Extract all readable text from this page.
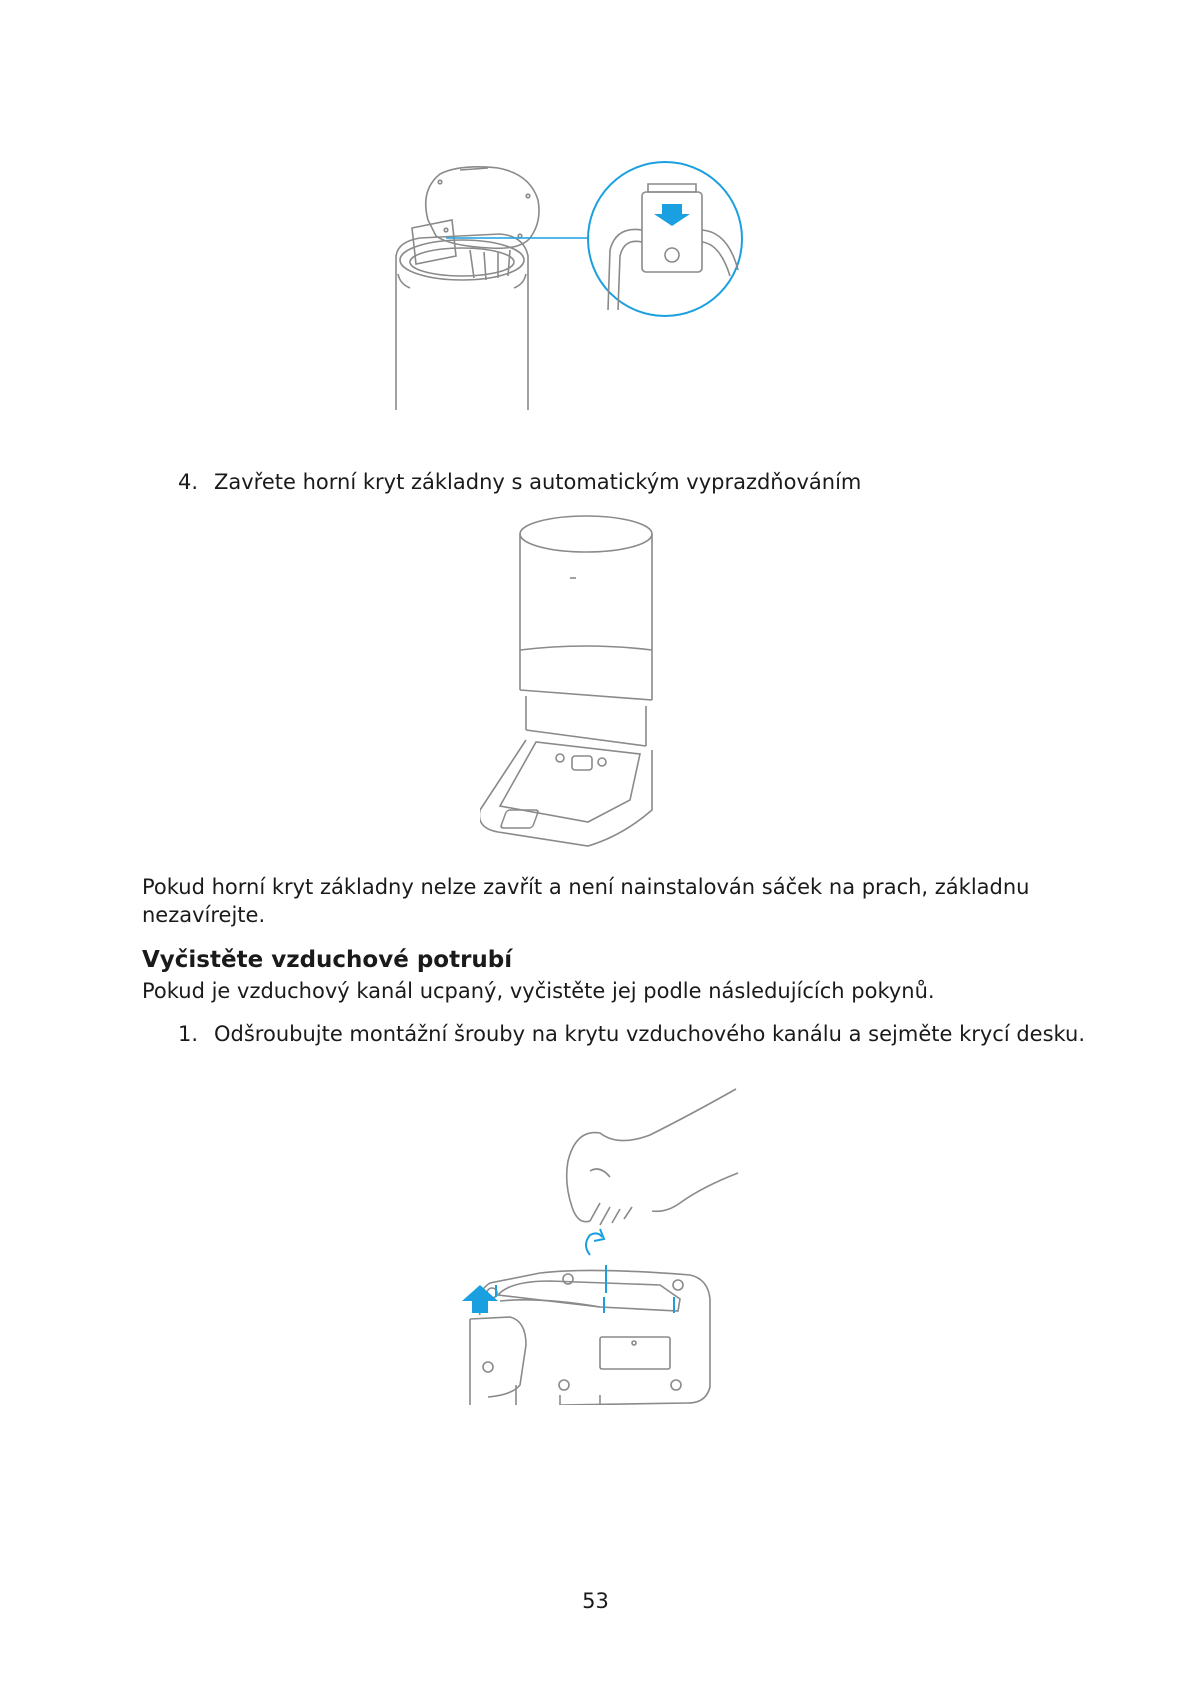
4. Zavřete horní kryt základny s automatickým vyprazdňováním

Pokud horní kryt základny nelze zavřít a není nainstalován sáček na prach, základnu nezavírejte.

Vyčistěte vzduchové potrubí

Pokud je vzduchový kanál ucpaný, vyčistěte jej podle následujících pokynů.

1. Odšroubujte montážní šrouby na krytu vzduchového kanálu a sejměte krycí desku.

53
